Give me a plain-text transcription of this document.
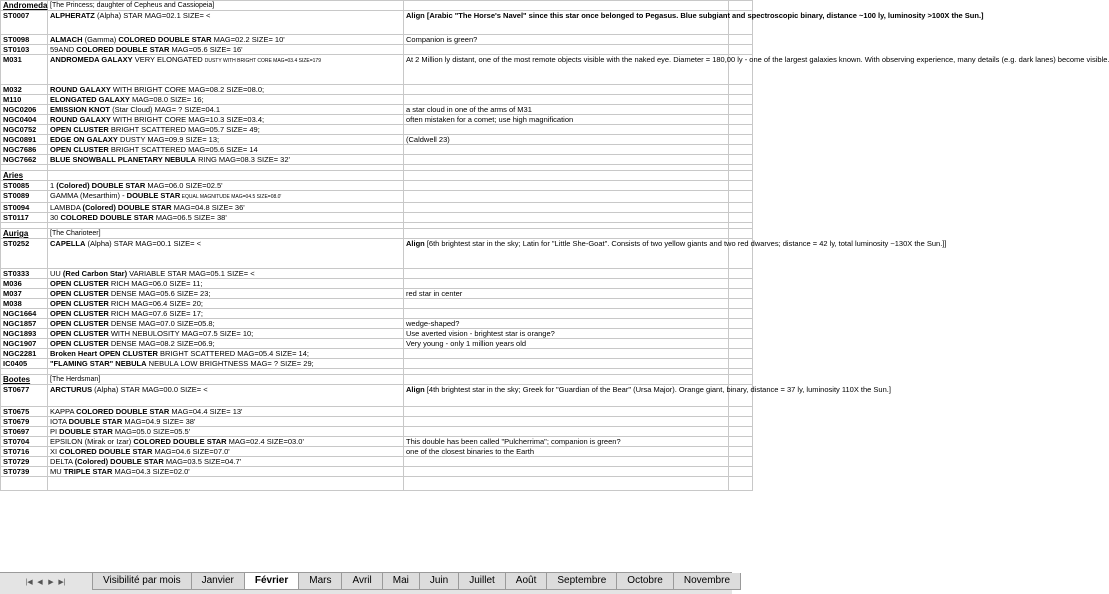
Andromeda	[The Princess; daughter of Cepheus and Cassiopeia]		
ST0007	ALPHERATZ (Alpha) STAR MAG=02.1 SIZE= <	Align [Arabic "The Horse's Navel" since this star once belonged to Pegasus. Blue subgiant and spectroscopic binary, distance ~100 ly, luminosity >100X the Sun.]	
ST0098	ALMACH (Gamma) COLORED DOUBLE STAR MAG=02.2 SIZE= 10'	Companion is green?	
ST0103	59AND COLORED DOUBLE STAR MAG=05.6 SIZE= 16'		
M031	ANDROMEDA GALAXY VERY ELONGATED DUSTY WITH BRIGHT CORE MAG=03.4 SIZE=179	At 2 Million ly distant, one of the most remote objects visible with the naked eye. Diameter = 180,00 ly - one of the largest galaxies known. With observing experience, many details (e.g. dark lanes) become visible.	
M032	ROUND GALAXY WITH BRIGHT CORE MAG=08.2 SIZE=08.0;		
M110	ELONGATED GALAXY MAG=08.0 SIZE= 16;		
NGC0206	EMISSION KNOT (Star Cloud) MAG= ? SIZE=04.1	a star cloud in one of the arms of M31	
NGC0404	ROUND GALAXY WITH BRIGHT CORE MAG=10.3 SIZE=03.4;	often mistaken for a comet; use high magnification	
NGC0752	OPEN CLUSTER BRIGHT SCATTERED MAG=05.7 SIZE= 49;		
NGC0891	EDGE ON GALAXY DUSTY MAG=09.9 SIZE= 13;	(Caldwell 23)	
NGC7686	OPEN CLUSTER BRIGHT SCATTERED MAG=05.6 SIZE= 14		
NGC7662	BLUE SNOWBALL PLANETARY NEBULA RING MAG=08.3 SIZE= 32'		

Aries			
ST0085	1 (Colored) DOUBLE STAR MAG=06.0 SIZE=02.5'		
ST0089	GAMMA (Mesarthim) - DOUBLE STAR EQUAL MAGNITUDE MAG=04.5 SIZE=08.0'		
ST0094	LAMBDA (Colored) DOUBLE STAR MAG=04.8 SIZE= 36'		
ST0117	30 COLORED DOUBLE STAR MAG=06.5 SIZE= 38'		

Auriga	[The Charioteer]		
ST0252	CAPELLA (Alpha) STAR MAG=00.1 SIZE= <	Align [6th brightest star in the sky; Latin for "Little She-Goat". Consists of two yellow giants and two red dwarves; distance = 42 ly, total luminosity ~130X the Sun.]]	
ST0333	UU (Red Carbon Star) VARIABLE STAR MAG=05.1 SIZE= <		
M036	OPEN CLUSTER RICH MAG=06.0 SIZE= 11;		
M037	OPEN CLUSTER DENSE MAG=05.6 SIZE= 23;	red star in center	
M038	OPEN CLUSTER RICH MAG=06.4 SIZE= 20;		
NGC1664	OPEN CLUSTER RICH MAG=07.6 SIZE= 17;		
NGC1857	OPEN CLUSTER DENSE MAG=07.0 SIZE=05.8;	wedge-shaped?	
NGC1893	OPEN CLUSTER WITH NEBULOSITY MAG=07.5 SIZE= 10;	Use averted vision - brightest star is orange?	
NGC1907	OPEN CLUSTER DENSE MAG=08.2 SIZE=06.9;	Very young - only 1 million years old	
NGC2281	Broken Heart OPEN CLUSTER BRIGHT SCATTERED MAG=05.4 SIZE= 14;		
IC0405	"FLAMING STAR" NEBULA NEBULA LOW BRIGHTNESS MAG= ? SIZE= 29;		

Bootes	[The Herdsman]		
ST0677	ARCTURUS (Alpha) STAR MAG=00.0 SIZE= <	Align [4th brightest star in the sky; Greek for "Guardian of the Bear" (Ursa Major). Orange giant, binary, distance = 37 ly, luminosity 110X the Sun.]	
ST0675	KAPPA COLORED DOUBLE STAR MAG=04.4 SIZE= 13'		
ST0679	IOTA DOUBLE STAR MAG=04.9 SIZE= 38'		
ST0697	PI DOUBLE STAR MAG=05.0 SIZE=05.5'		
ST0704	EPSILON (Mirak or Izar) COLORED DOUBLE STAR MAG=02.4 SIZE=03.0'	This double has been called "Pulcherrima"; companion is green?	
ST0716	XI COLORED DOUBLE STAR MAG=04.6 SIZE=07.0'	one of the closest binaries to the Earth	
ST0729	DELTA (Colored) DOUBLE STAR MAG=03.5 SIZE=04.7'		
ST0739	MU TRIPLE STAR MAG=04.3 SIZE=02.0'		

|◀ ◀ ▶ ▶|	Visibilité par mois	Janvier	Février	Mars	Avril	Mai	Juin	Juillet	Août	Septembre	Octobre	Novembre
